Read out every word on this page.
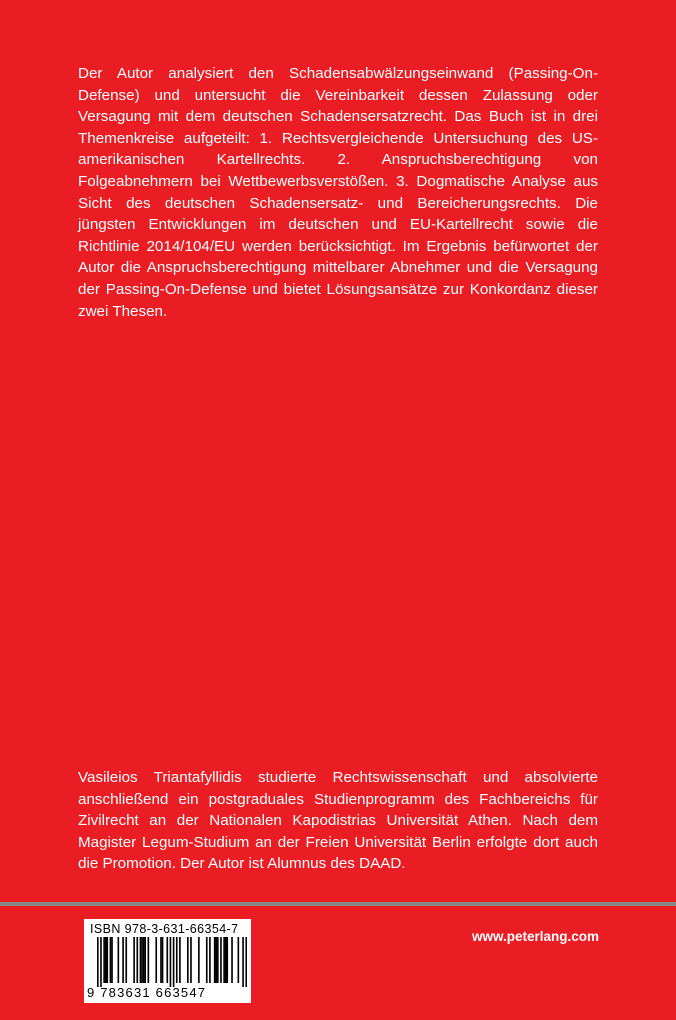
Der Autor analysiert den Schadensabwälzungseinwand (Passing-On-Defense) und untersucht die Vereinbarkeit dessen Zulassung oder Versagung mit dem deutschen Schadensersatzrecht. Das Buch ist in drei Themenkreise aufgeteilt: 1. Rechtsvergleichende Untersuchung des US-amerikanischen Kartellrechts. 2. Anspruchsberechtigung von Folgeabnehmern bei Wettbewerbsverstößen. 3. Dogmatische Analyse aus Sicht des deutschen Schadensersatz- und Bereicherungsrechts. Die jüngsten Entwicklungen im deutschen und EU-Kartellrecht sowie die Richtlinie 2014/104/EU werden berücksichtigt. Im Ergebnis befürwortet der Autor die Anspruchsberechtigung mittelbarer Abnehmer und die Versagung der Passing-On-Defense und bietet Lösungsansätze zur Konkordanz dieser zwei Thesen.

Vasileios Triantafyllidis studierte Rechtswissenschaft und absolvierte anschließend ein postgraduales Studienprogramm des Fachbereichs für Zivilrecht an der Nationalen Kapodistrias Universität Athen. Nach dem Magister Legum-Studium an der Freien Universität Berlin erfolgte dort auch die Promotion. Der Autor ist Alumnus des DAAD.

ISBN 978-3-631-66354-7
9 783631 663547
www.peterlang.com
